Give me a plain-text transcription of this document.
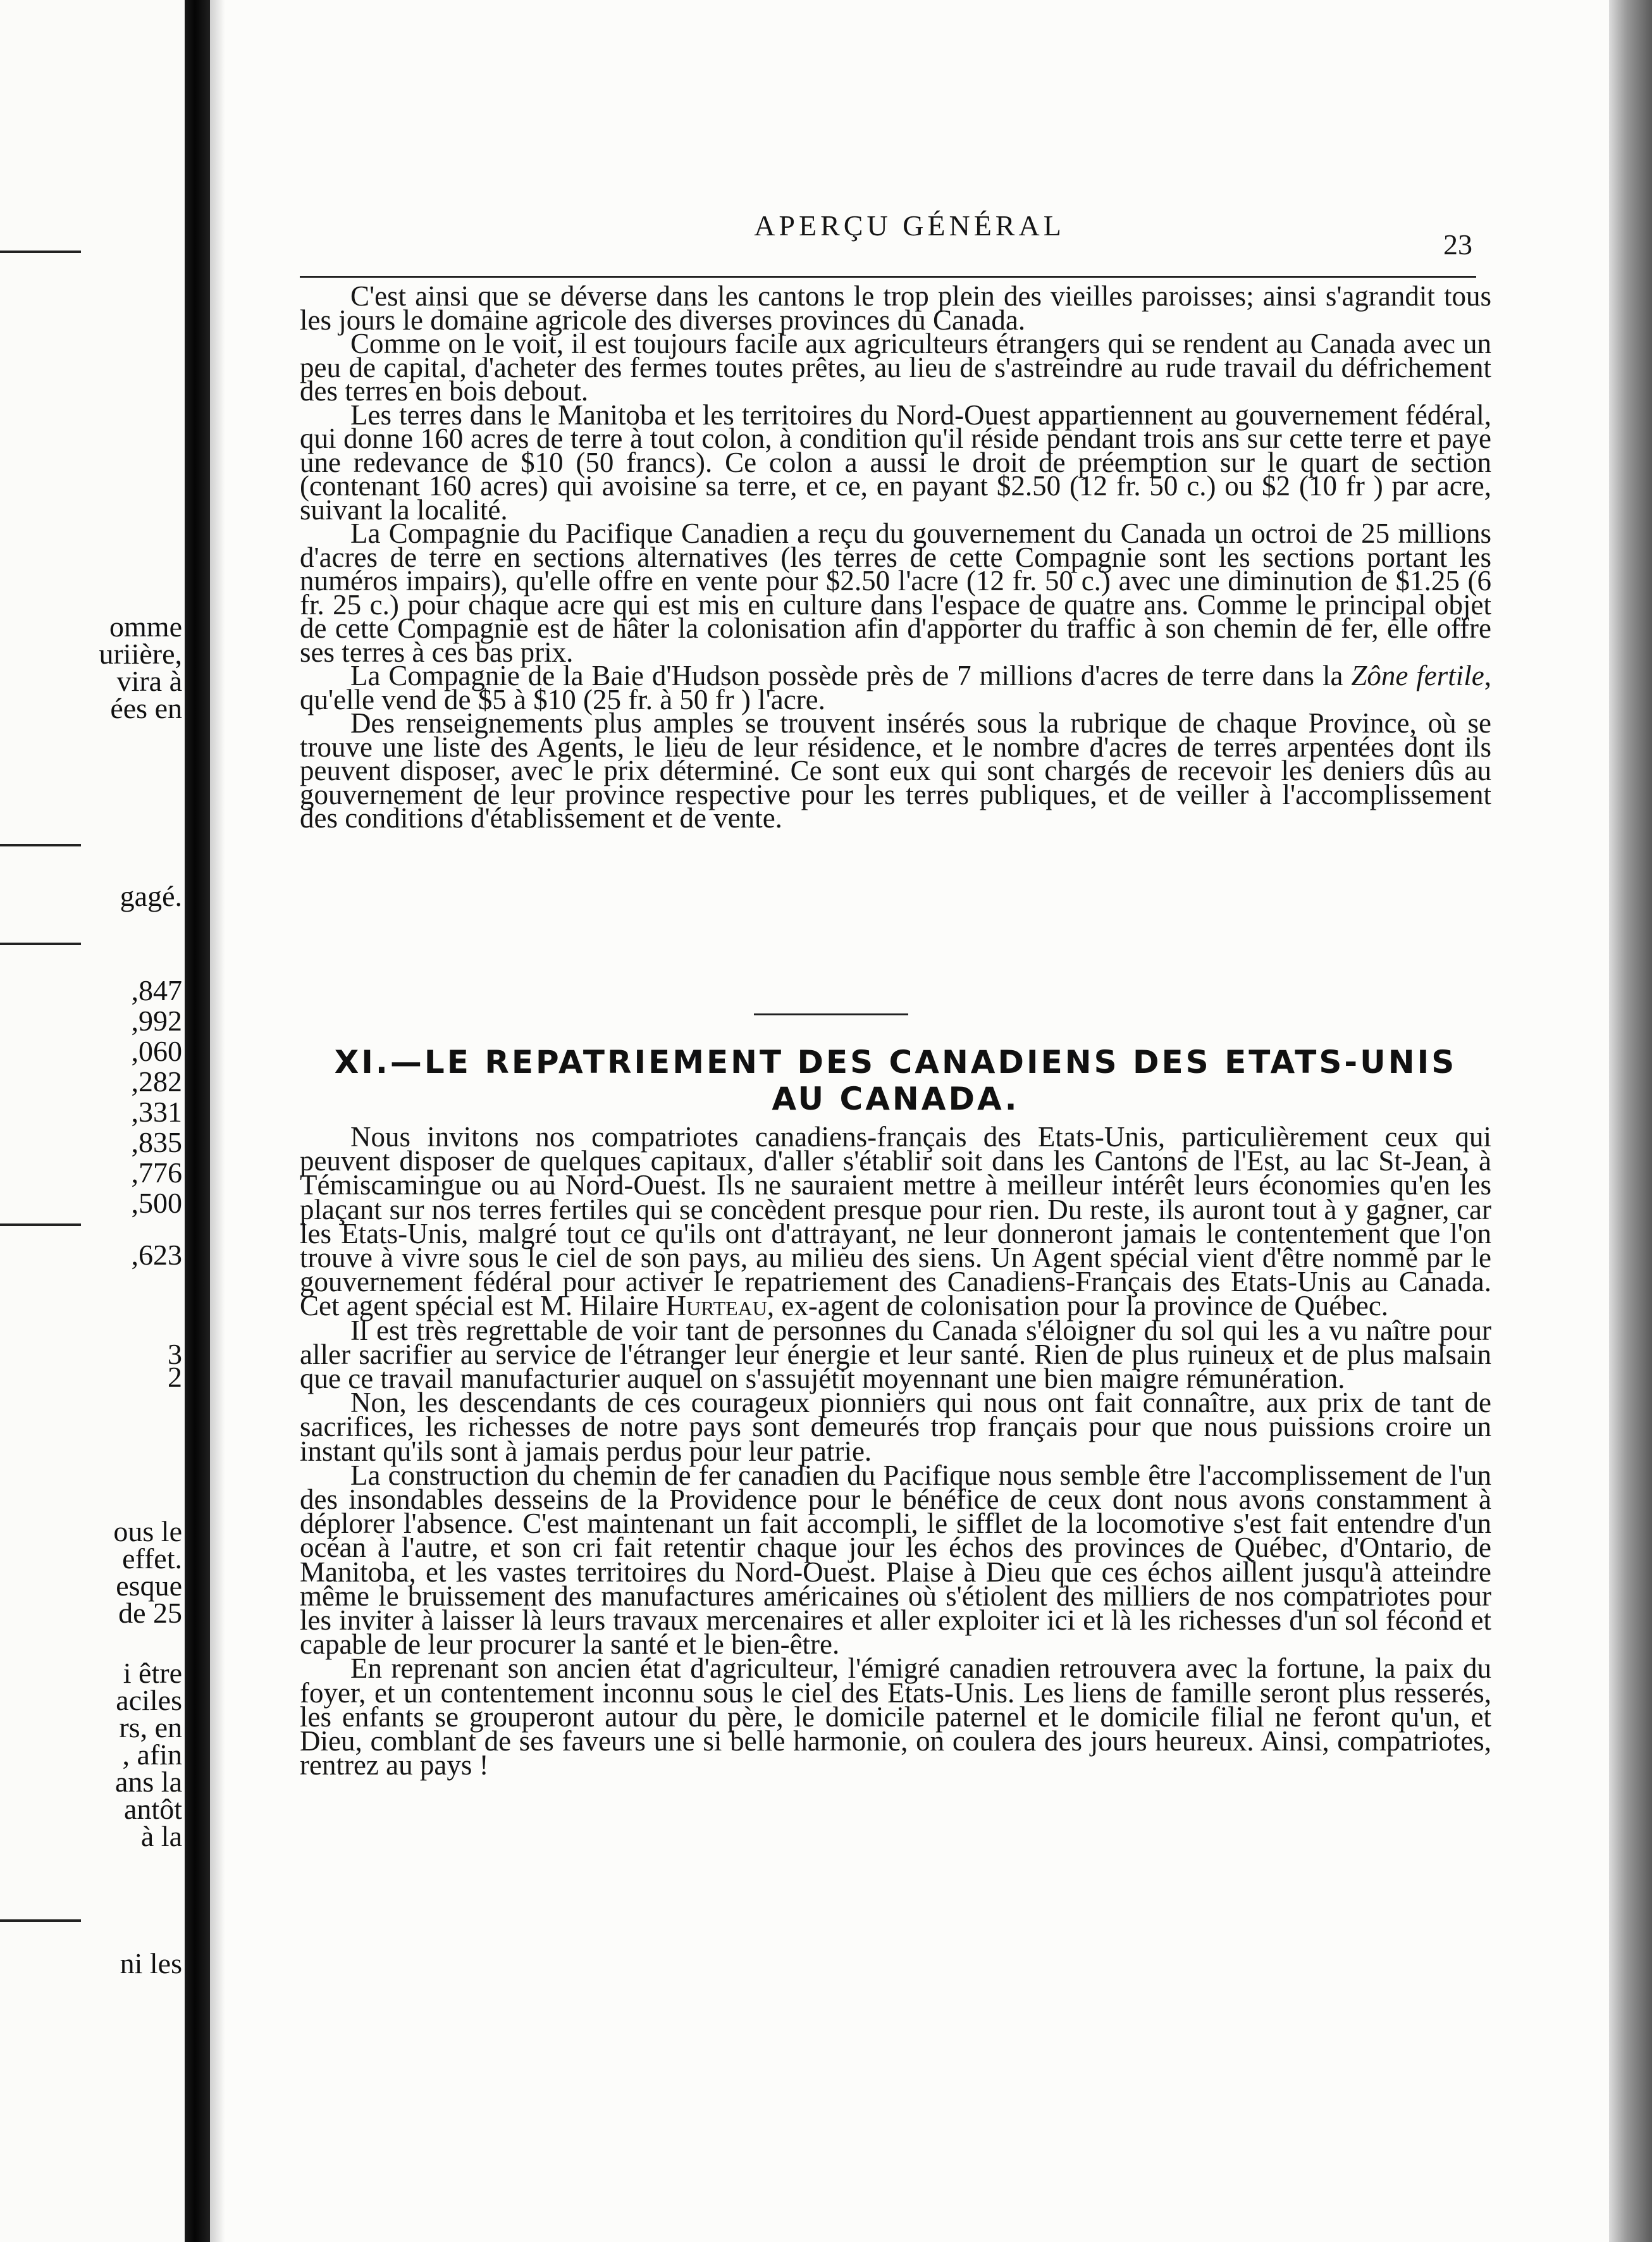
omme
uriière,
vira à
ées en
gagé.
,847
,992
,060
,282
,331
,835
,776
,500
,623
3
2
ous le
effet.
esque
de 25
i être
aciles
rs, en
, afin
ans la
antôt
à la
ni les
APERÇU GÉNÉRAL
23

C'est ainsi que se déverse dans les cantons le trop plein des vieilles paroisses; ainsi s'agrandit tous les jours le domaine agricole des diverses provinces du Canada.

Comme on le voit, il est toujours facile aux agriculteurs étrangers qui se rendent au Canada avec un peu de capital, d'acheter des fermes toutes prêtes, au lieu de s'astreindre au rude travail du défrichement des terres en bois debout.

Les terres dans le Manitoba et les territoires du Nord-Ouest appartiennent au gouvernement fédéral, qui donne 160 acres de terre à tout colon, à condition qu'il réside pendant trois ans sur cette terre et paye une redevance de $10 (50 francs). Ce colon a aussi le droit de préemption sur le quart de section (contenant 160 acres) qui avoisine sa terre, et ce, en payant $2.50 (12 fr. 50 c.) ou $2 (10 fr ) par acre, suivant la localité.

La Compagnie du Pacifique Canadien a reçu du gouvernement du Canada un octroi de 25 millions d'acres de terre en sections alternatives (les terres de cette Compagnie sont les sections portant les numéros impairs), qu'elle offre en vente pour $2.50 l'acre (12 fr. 50 c.) avec une diminution de $1.25 (6 fr. 25 c.) pour chaque acre qui est mis en culture dans l'espace de quatre ans. Comme le principal objet de cette Compagnie est de hâter la colonisation afin d'apporter du traffic à son chemin de fer, elle offre ses terres à ces bas prix.

La Compagnie de la Baie d'Hudson possède près de 7 millions d'acres de terre dans la Zône fertile, qu'elle vend de $5 à $10 (25 fr. à 50 fr ) l'acre.

Des renseignements plus amples se trouvent insérés sous la rubrique de chaque Province, où se trouve une liste des Agents, le lieu de leur résidence, et le nombre d'acres de terres arpentées dont ils peuvent disposer, avec le prix déterminé. Ce sont eux qui sont chargés de recevoir les deniers dûs au gouvernement de leur province respective pour les terres publiques, et de veiller à l'accomplissement des conditions d'établissement et de vente.

XI.—LE REPATRIEMENT DES CANADIENS DES ETATS-UNIS
AU CANADA.

Nous invitons nos compatriotes canadiens-français des Etats-Unis, particulièrement ceux qui peuvent disposer de quelques capitaux, d'aller s'établir soit dans les Cantons de l'Est, au lac St-Jean, à Témiscamingue ou au Nord-Ouest. Ils ne sauraient mettre à meilleur intérêt leurs économies qu'en les plaçant sur nos terres fertiles qui se concèdent presque pour rien. Du reste, ils auront tout à y gagner, car les Etats-Unis, malgré tout ce qu'ils ont d'attrayant, ne leur donneront jamais le contentement que l'on trouve à vivre sous le ciel de son pays, au milieu des siens. Un Agent spécial vient d'être nommé par le gouvernement fédéral pour activer le repatriement des Canadiens-Français des Etats-Unis au Canada. Cet agent spécial est M. Hilaire Hurteau, ex-agent de colonisation pour la province de Québec.

Il est très regrettable de voir tant de personnes du Canada s'éloigner du sol qui les a vu naître pour aller sacrifier au service de l'étranger leur énergie et leur santé. Rien de plus ruineux et de plus malsain que ce travail manufacturier auquel on s'assujétit moyennant une bien maigre rémunération.

Non, les descendants de ces courageux pionniers qui nous ont fait connaître, aux prix de tant de sacrifices, les richesses de notre pays sont demeurés trop français pour que nous puissions croire un instant qu'ils sont à jamais perdus pour leur patrie.

La construction du chemin de fer canadien du Pacifique nous semble être l'accomplissement de l'un des insondables desseins de la Providence pour le bénéfice de ceux dont nous avons constamment à déplorer l'absence. C'est maintenant un fait accompli, le sifflet de la locomotive s'est fait entendre d'un océan à l'autre, et son cri fait retentir chaque jour les échos des provinces de Québec, d'Ontario, de Manitoba, et les vastes territoires du Nord-Ouest. Plaise à Dieu que ces échos aillent jusqu'à atteindre même le bruissement des manufactures américaines où s'étiolent des milliers de nos compatriotes pour les inviter à laisser là leurs travaux mercenaires et aller exploiter ici et là les richesses d'un sol fécond et capable de leur procurer la santé et le bien-être.

En reprenant son ancien état d'agriculteur, l'émigré canadien retrouvera avec la fortune, la paix du foyer, et un contentement inconnu sous le ciel des Etats-Unis. Les liens de famille seront plus resserés, les enfants se grouperont autour du père, le domicile paternel et le domicile filial ne feront qu'un, et Dieu, comblant de ses faveurs une si belle harmonie, on coulera des jours heureux. Ainsi, compatriotes, rentrez au pays !
